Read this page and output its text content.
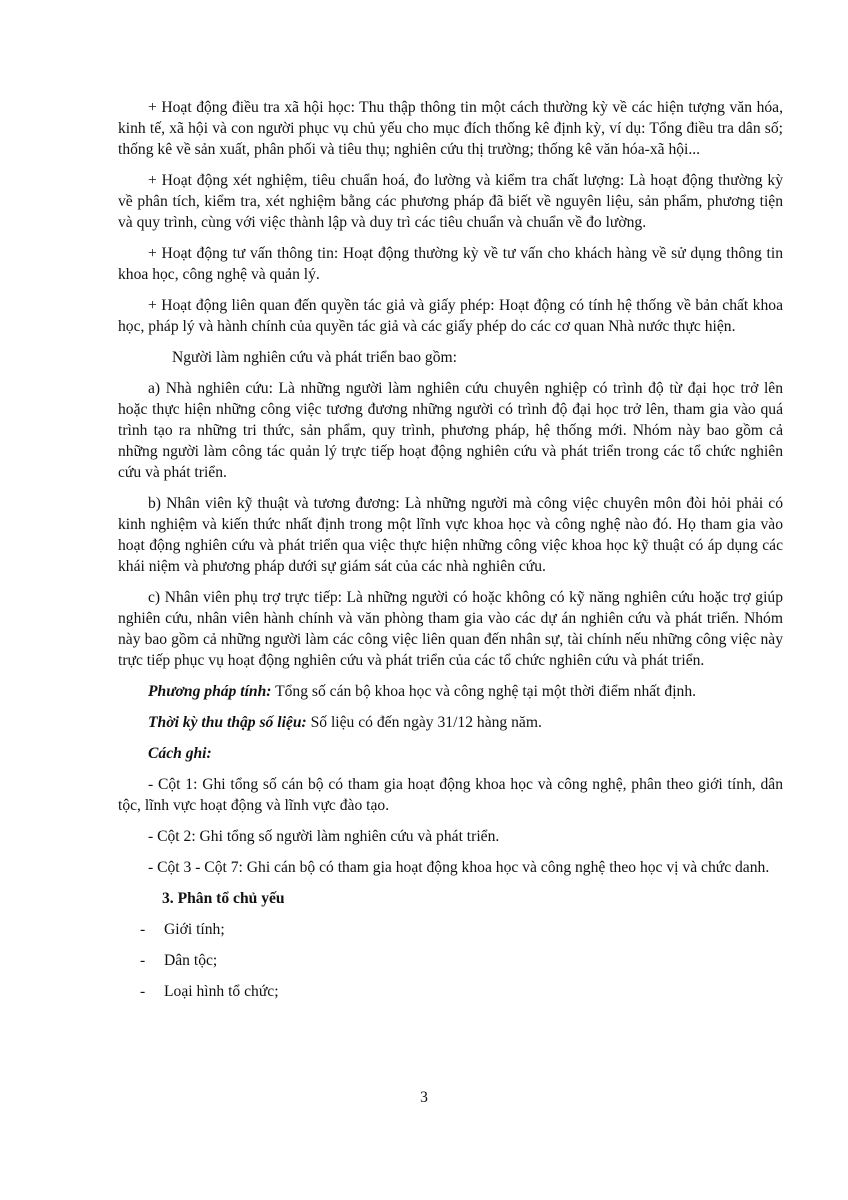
+ Hoạt động điều tra xã hội học: Thu thập thông tin một cách thường kỳ về các hiện tượng văn hóa, kinh tế, xã hội và con người phục vụ chủ yếu cho mục đích thống kê định kỳ, ví dụ: Tổng điều tra dân số; thống kê về sản xuất, phân phối và tiêu thụ; nghiên cứu thị trường; thống kê văn hóa-xã hội...

+ Hoạt động xét nghiệm, tiêu chuẩn hoá, đo lường và kiểm tra chất lượng: Là hoạt động thường kỳ về phân tích, kiểm tra, xét nghiệm bằng các phương pháp đã biết về nguyên liệu, sản phẩm, phương tiện và quy trình, cùng với việc thành lập và duy trì các tiêu chuẩn và chuẩn về đo lường.

+ Hoạt động tư vấn thông tin: Hoạt động thường kỳ về tư vấn cho khách hàng về sử dụng thông tin khoa học, công nghệ và quản lý.

+ Hoạt động liên quan đến quyền tác giả và giấy phép: Hoạt động có tính hệ thống về bản chất khoa học, pháp lý và hành chính của quyền tác giả và các giấy phép do các cơ quan Nhà nước thực hiện.

Người làm nghiên cứu và phát triển bao gồm:

a) Nhà nghiên cứu: Là những người làm nghiên cứu chuyên nghiệp có trình độ từ đại học trở lên hoặc thực hiện những công việc tương đương những người có trình độ đại học trở lên, tham gia vào quá trình tạo ra những tri thức, sản phẩm, quy trình, phương pháp, hệ thống mới. Nhóm này bao gồm cả những người làm công tác quản lý trực tiếp hoạt động nghiên cứu và phát triển trong các tổ chức nghiên cứu và phát triển.

b) Nhân viên kỹ thuật và tương đương: Là những người mà công việc chuyên môn đòi hỏi phải có kinh nghiệm và kiến thức nhất định trong một lĩnh vực khoa học và công nghệ nào đó. Họ tham gia vào hoạt động nghiên cứu và phát triển qua việc thực hiện những công việc khoa học kỹ thuật có áp dụng các khái niệm và phương pháp dưới sự giám sát của các nhà nghiên cứu.

c) Nhân viên phụ trợ trực tiếp: Là những người có hoặc không có kỹ năng nghiên cứu hoặc trợ giúp nghiên cứu, nhân viên hành chính và văn phòng tham gia vào các dự án nghiên cứu và phát triển. Nhóm này bao gồm cả những người làm các công việc liên quan đến nhân sự, tài chính nếu những công việc này trực tiếp phục vụ hoạt động nghiên cứu và phát triển của các tổ chức nghiên cứu và phát triển.

Phương pháp tính: Tổng số cán bộ khoa học và công nghệ tại một thời điểm nhất định.

Thời kỳ thu thập số liệu: Số liệu có đến ngày 31/12 hàng năm.

Cách ghi:

- Cột 1: Ghi tổng số cán bộ có tham gia hoạt động khoa học và công nghệ, phân theo giới tính, dân tộc, lĩnh vực hoạt động và lĩnh vực đào tạo.

- Cột 2: Ghi tổng số người làm nghiên cứu và phát triển.

- Cột 3 - Cột 7: Ghi cán bộ có tham gia hoạt động khoa học và công nghệ theo học vị và chức danh.

3. Phân tổ chủ yếu

-	Giới tính;
-	Dân tộc;
-	Loại hình tổ chức;
3
